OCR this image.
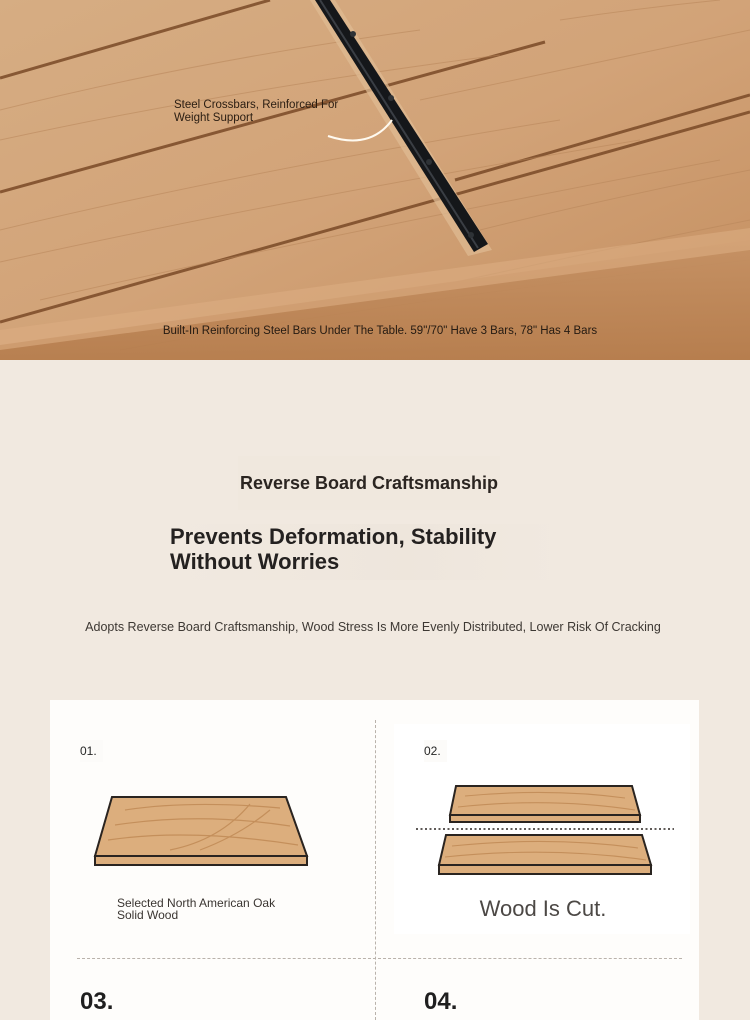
Steel Crossbars, Reinforced For Weight Support
Built-In Reinforcing Steel Bars Under The Table. 59"/70" Have 3 Bars, 78" Has 4 Bars
Reverse Board Craftsmanship
Prevents Deformation, Stability
Without Worries
Adopts Reverse Board Craftsmanship, Wood Stress Is More Evenly Distributed, Lower Risk Of Cracking
01.
Selected North American Oak Solid Wood
02.
Wood Is Cut.
03.	04.
